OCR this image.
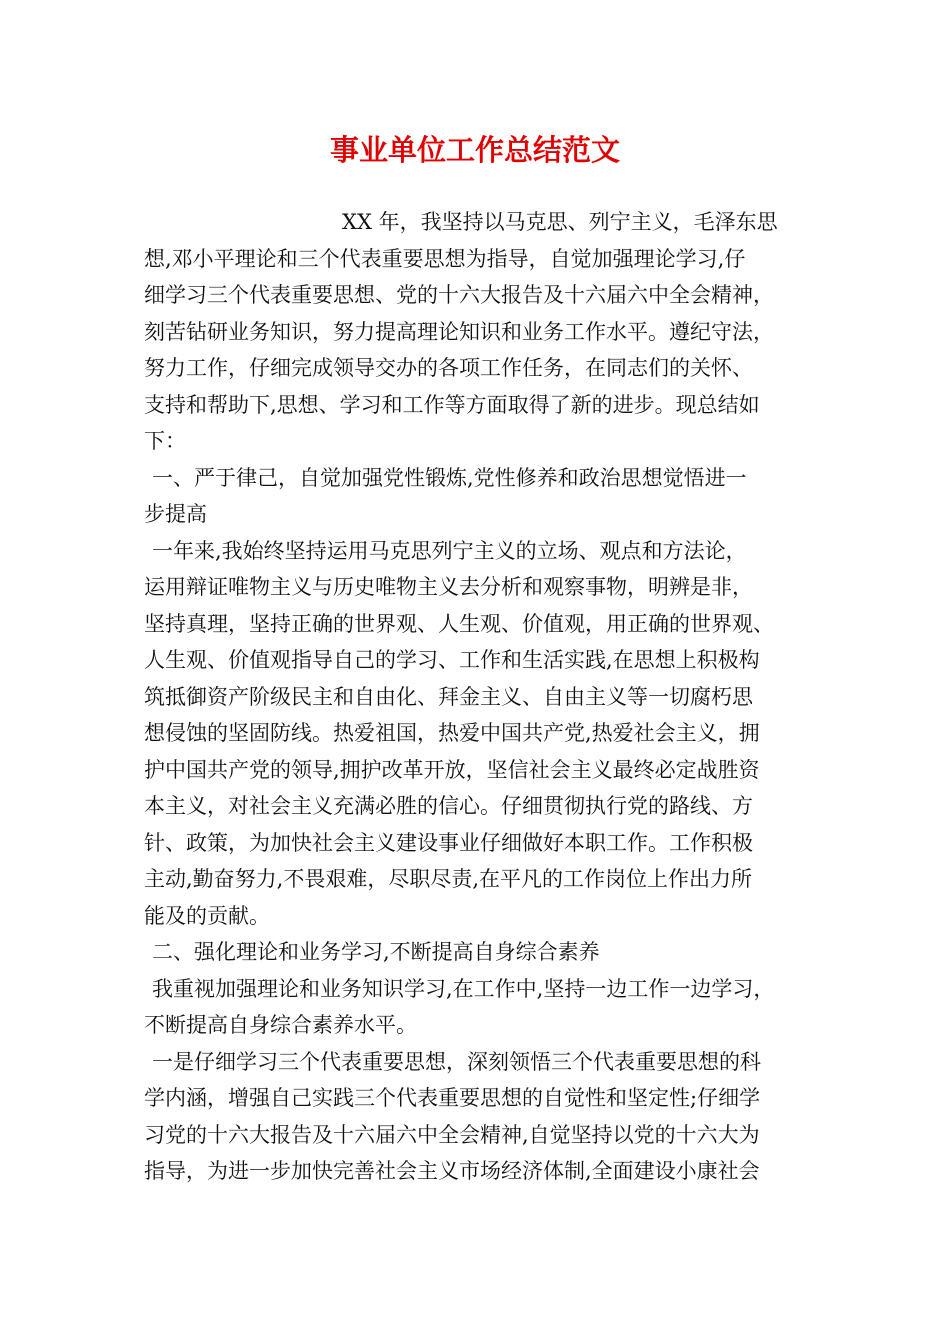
事业单位工作总结范文
XX 年，我坚持以马克思、列宁主义，毛泽东思
想,邓小平理论和三个代表重要思想为指导，自觉加强理论学习,仔
细学习三个代表重要思想、党的十六大报告及十六届六中全会精神，
刻苦钻研业务知识，努力提高理论知识和业务工作水平。遵纪守法，
努力工作，仔细完成领导交办的各项工作任务，在同志们的关怀、
支持和帮助下,思想、学习和工作等方面取得了新的进步。现总结如
下：
一、严于律己，自觉加强党性锻炼,党性修养和政治思想觉悟进一
步提高
一年来,我始终坚持运用马克思列宁主义的立场、观点和方法论，
运用辩证唯物主义与历史唯物主义去分析和观察事物，明辨是非，
坚持真理，坚持正确的世界观、人生观、价值观，用正确的世界观、
人生观、价值观指导自己的学习、工作和生活实践,在思想上积极构
筑抵御资产阶级民主和自由化、拜金主义、自由主义等一切腐朽思
想侵蚀的坚固防线。热爱祖国，热爱中国共产党,热爱社会主义，拥
护中国共产党的领导,拥护改革开放，坚信社会主义最终必定战胜资
本主义，对社会主义充满必胜的信心。仔细贯彻执行党的路线、方
针、政策，为加快社会主义建设事业仔细做好本职工作。工作积极
主动,勤奋努力,不畏艰难，尽职尽责,在平凡的工作岗位上作出力所
能及的贡献。
二、强化理论和业务学习,不断提高自身综合素养
我重视加强理论和业务知识学习,在工作中,坚持一边工作一边学习，
不断提高自身综合素养水平。
一是仔细学习三个代表重要思想，深刻领悟三个代表重要思想的科
学内涵，增强自己实践三个代表重要思想的自觉性和坚定性;仔细学
习党的十六大报告及十六届六中全会精神,自觉坚持以党的十六大为
指导，为进一步加快完善社会主义市场经济体制,全面建设小康社会
